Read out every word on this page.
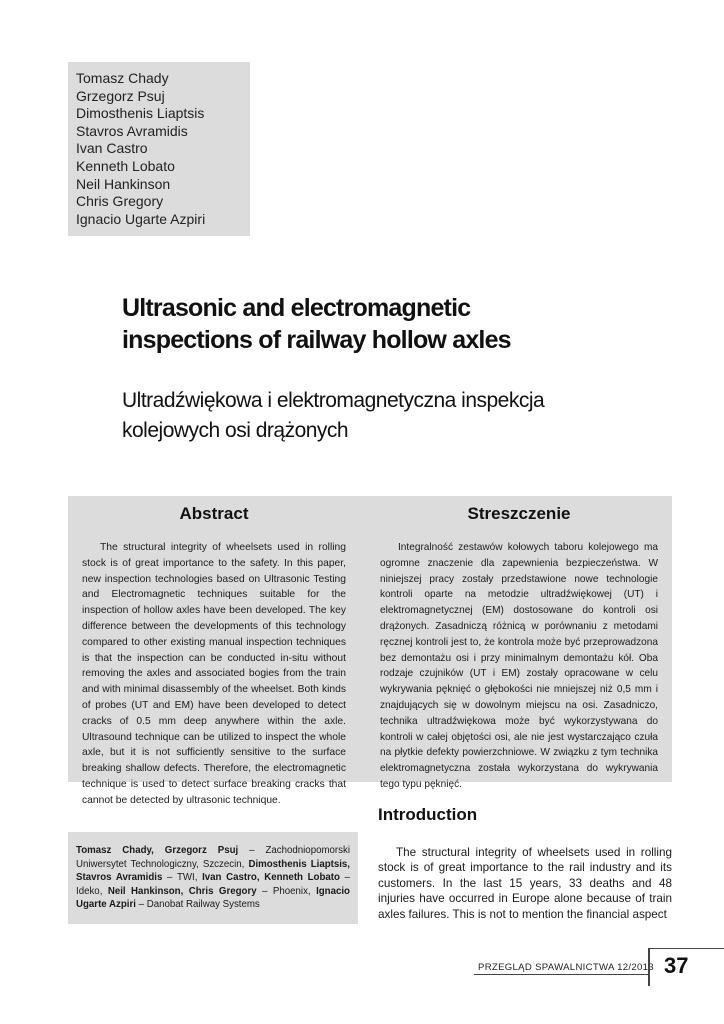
Tomasz Chady
Grzegorz Psuj
Dimosthenis Liaptsis
Stavros Avramidis
Ivan Castro
Kenneth Lobato
Neil Hankinson
Chris Gregory
Ignacio Ugarte Azpiri
Ultrasonic and electromagnetic
inspections of railway hollow axles
Ultradźwiękowa i elektromagnetyczna inspekcja
kolejowych osi drążonych
Abstract

The structural integrity of wheelsets used in rolling stock is of great importance to the safety. In this paper, new inspection technologies based on Ultrasonic Testing and Electromagnetic techniques suitable for the inspection of hollow axles have been developed. The key difference between the developments of this technology compared to other existing manual inspection techniques is that the inspection can be conducted in-situ without removing the axles and associated bogies from the train and with minimal disassembly of the wheelset. Both kinds of probes (UT and EM) have been developed to detect cracks of 0.5 mm deep anywhere within the axle. Ultrasound technique can be utilized to inspect the whole axle, but it is not sufficiently sensitive to the surface breaking shallow defects. Therefore, the electromagnetic technique is used to detect surface breaking cracks that cannot be detected by ultrasonic technique.

Streszczenie

Integralność zestawów kołowych taboru kolejowego ma ogromne znaczenie dla zapewnienia bezpieczeństwa. W niniejszej pracy zostały przedstawione nowe technologie kontroli oparte na metodzie ultradźwiękowej (UT) i elektromagnetycznej (EM) dostosowane do kontroli osi drążonych. Zasadniczą różnicą w porównaniu z metodami ręcznej kontroli jest to, że kontrola może być przeprowadzona bez demontażu osi i przy minimalnym demontażu kół. Oba rodzaje czujników (UT i EM) zostały opracowane w celu wykrywania pęknięć o głębokości nie mniejszej niż 0,5 mm i znajdujących się w dowolnym miejscu na osi. Zasadniczo, technika ultradźwiękowa może być wykorzystywana do kontroli w całej objętości osi, ale nie jest wystarczająco czuła na płytkie defekty powierzchniowe. W związku z tym technika elektromagnetyczna została wykorzystana do wykrywania tego typu pęknięć.

Introduction

The structural integrity of wheelsets used in rolling stock is of great importance to the rail industry and its customers. In the last 15 years, 33 deaths and 48 injuries have occurred in Europe alone because of train axles failures. This is not to mention the financial aspect

Tomasz Chady, Grzegorz Psuj – Zachodniopomorski Uniwersytet Technologiczny, Szczecin, Dimosthenis Liaptsis, Stavros Avramidis – TWI, Ivan Castro, Kenneth Lobato – Ideko, Neil Hankinson, Chris Gregory – Phoenix, Ignacio Ugarte Azpiri – Danobat Railway Systems
PRZEGLĄD SPAWALNICTWA 12/2013 37
